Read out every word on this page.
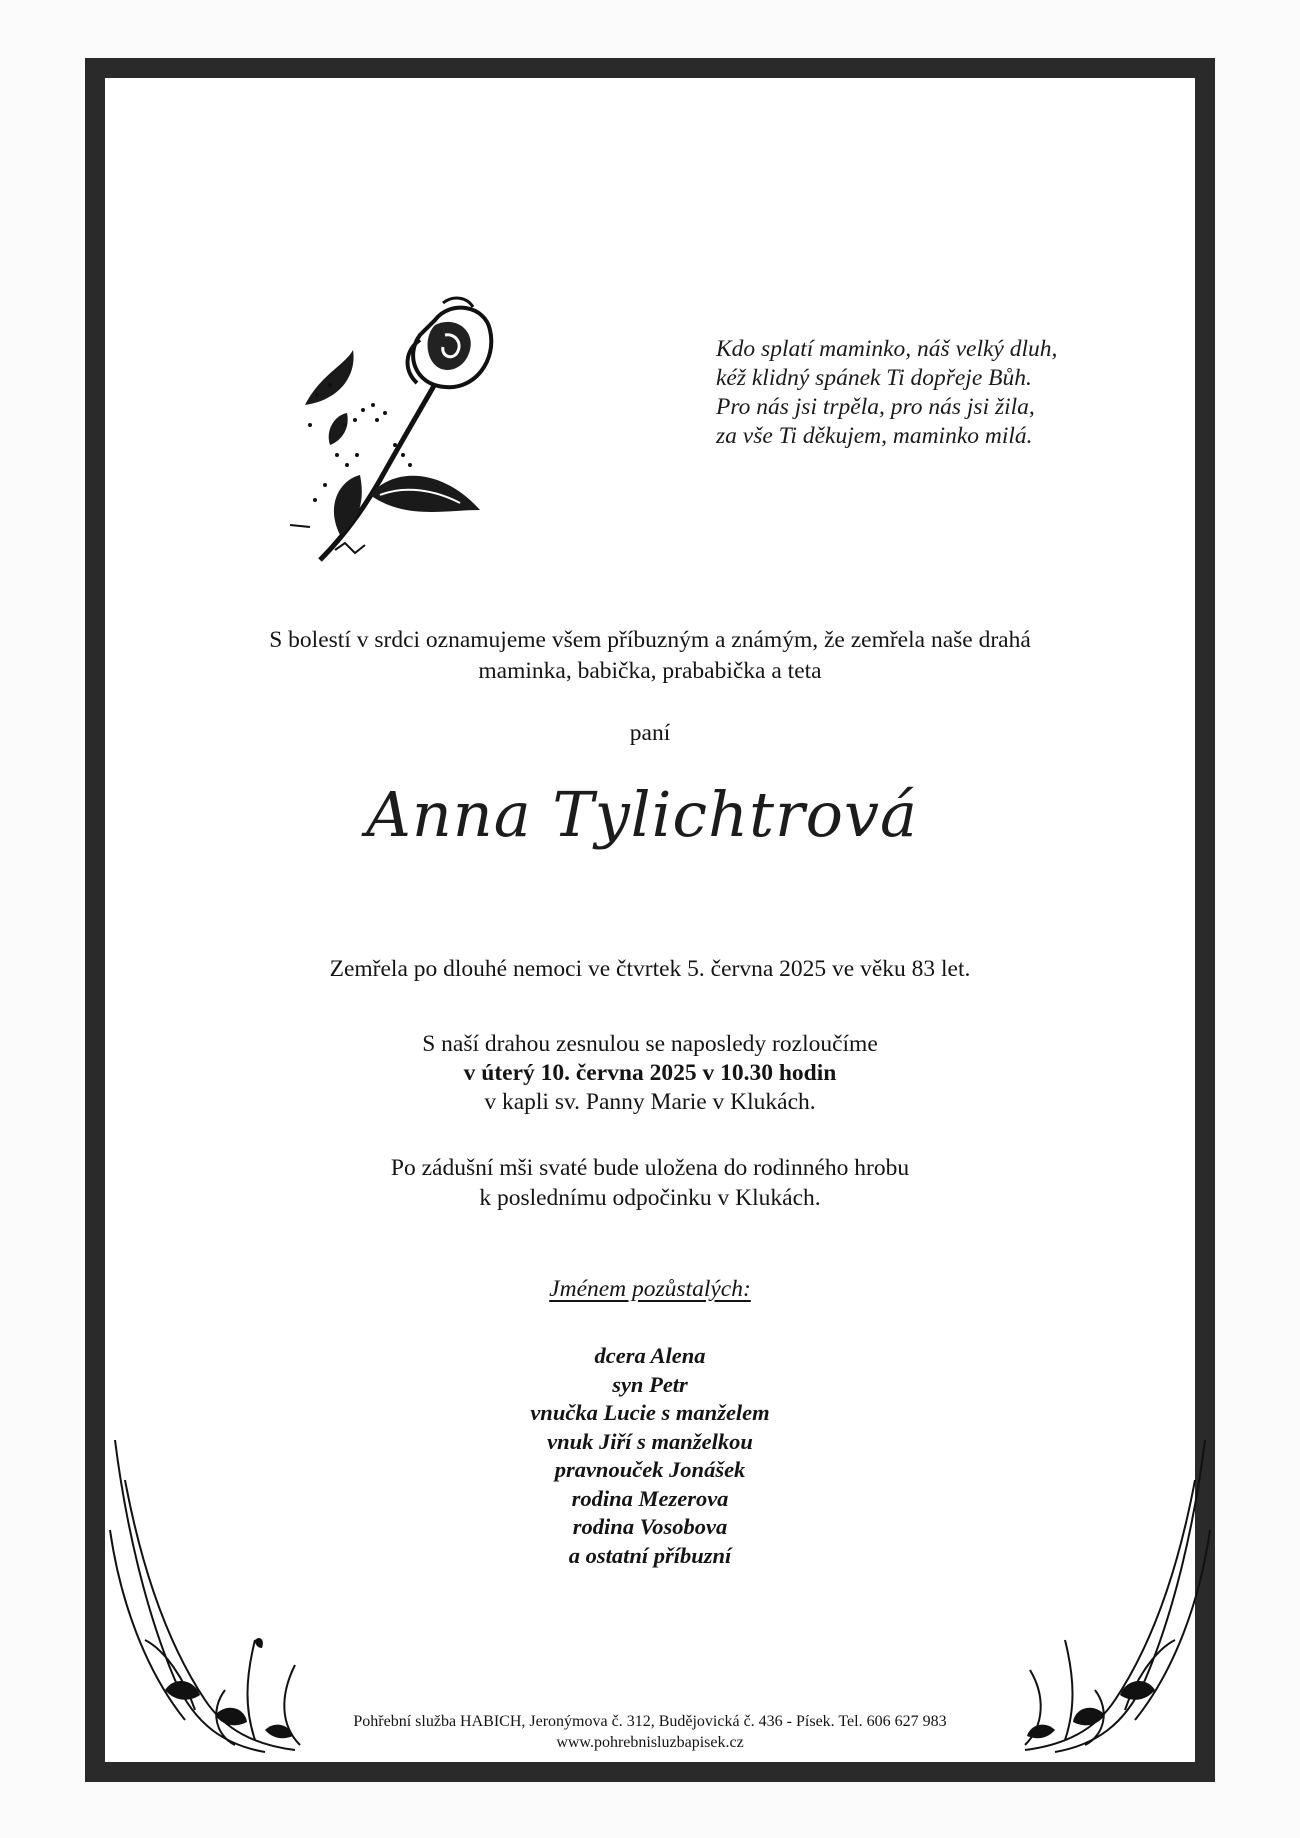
Kdo splatí maminko, náš velký dluh,
kéž klidný spánek Ti dopřeje Bůh.
Pro nás jsi trpěla, pro nás jsi žila,
za vše Ti děkujem, maminko milá.
S bolestí v srdci oznamujeme všem příbuzným a známým, že zemřela naše drahá
maminka, babička, prababička a teta
paní
Anna Tylichtrová
Zemřela po dlouhé nemoci ve čtvrtek 5. června 2025 ve věku 83 let.
S naší drahou zesnulou se naposledy rozloučíme
v úterý 10. června 2025 v 10.30 hodin
v kapli sv. Panny Marie v Klukách.
Po zádušní mši svaté bude uložena do rodinného hrobu
k poslednímu odpočinku v Klukách.
Jménem pozůstalých:
dcera Alena
syn Petr
vnučka Lucie s manželem
vnuk Jiří s manželkou
pravnouček Jonášek
rodina Mezerova
rodina Vosobova
a ostatní příbuzní
Pohřební služba HABICH, Jeronýmova č. 312, Budějovická č. 436 - Písek. Tel. 606 627 983
www.pohrebnisluzbapisek.cz
